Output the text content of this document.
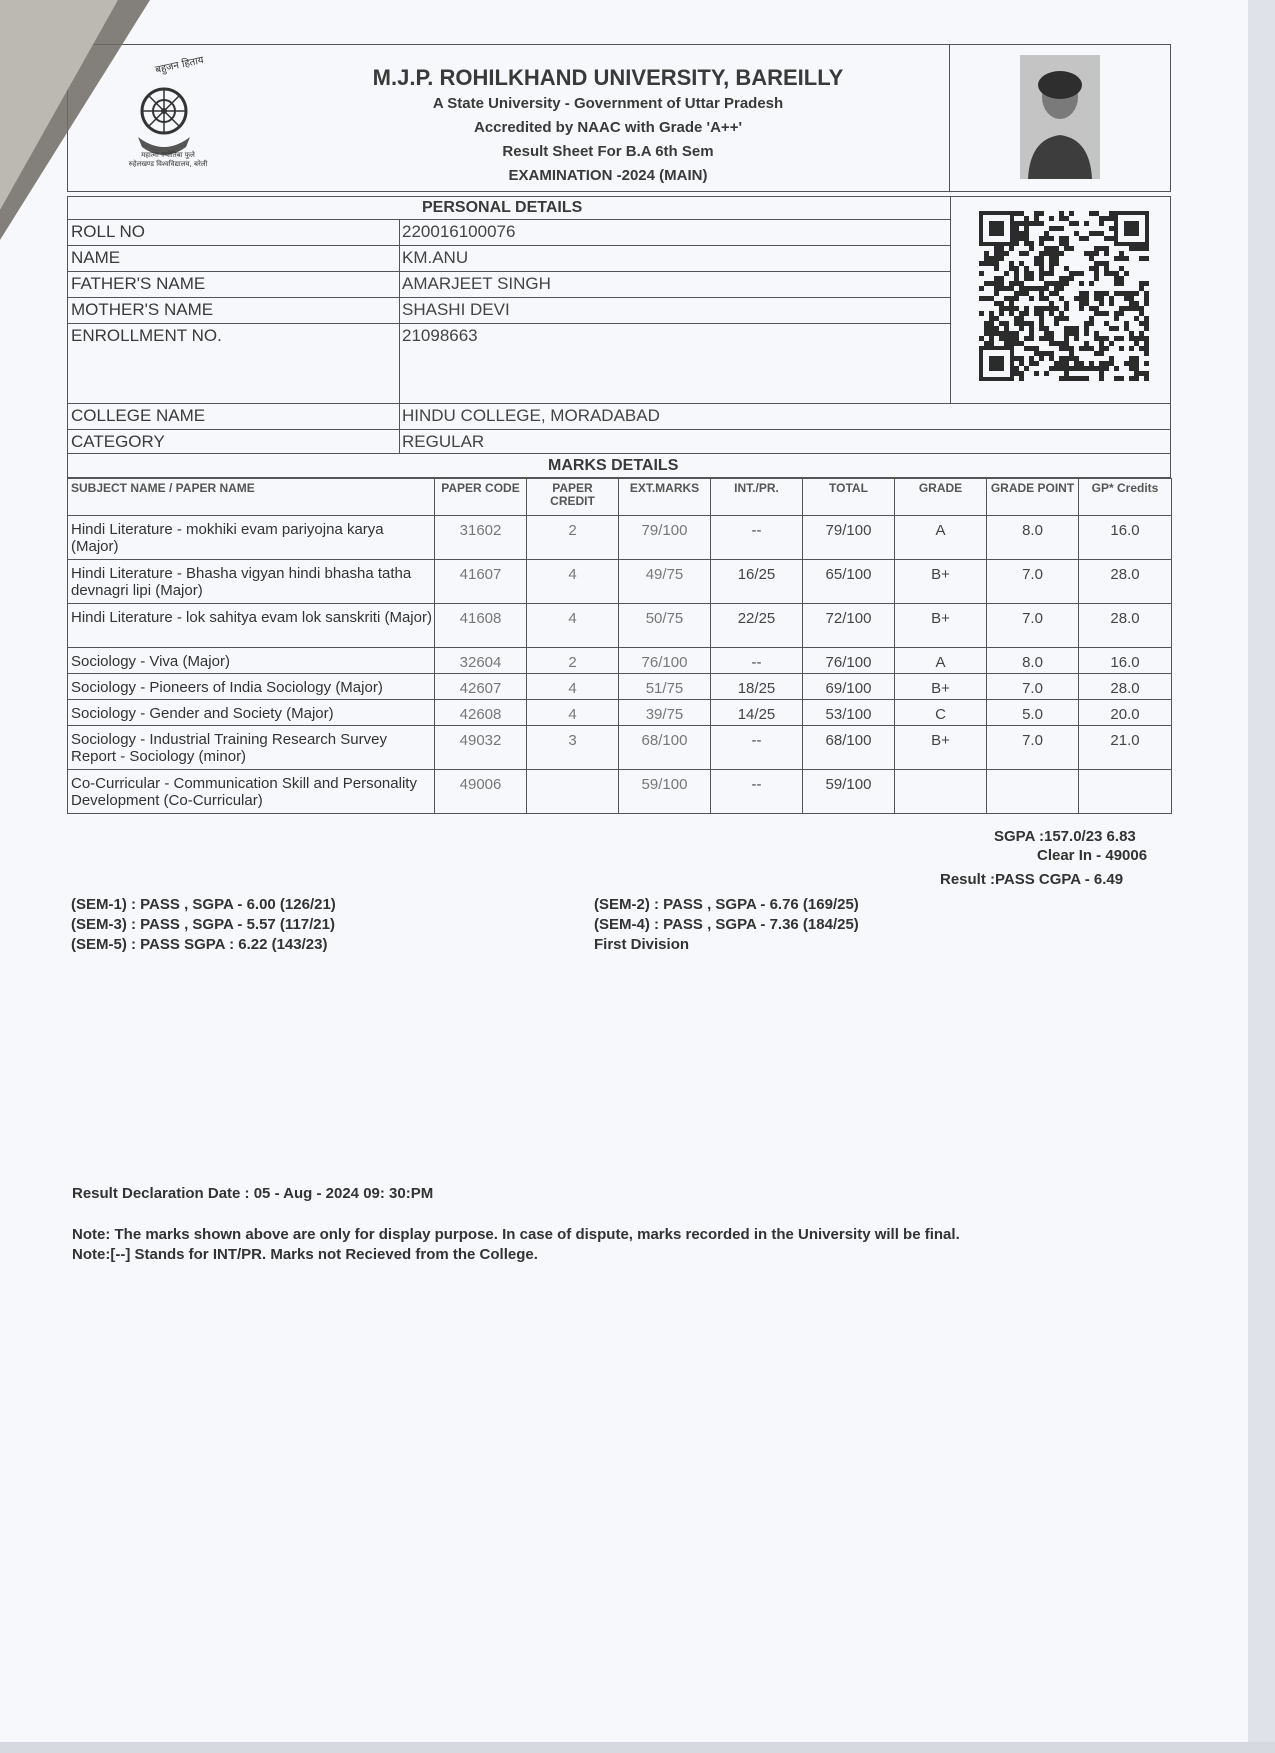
बहुजन हिताय
महात्मा ज्योतिबा फुले
रुहेलखण्ड विश्वविद्यालय, बरेली
M.J.P. ROHILKHAND UNIVERSITY, BAREILLY
A State University - Government of Uttar Pradesh
Accredited by NAAC with Grade 'A++'
Result Sheet For B.A 6th Sem
EXAMINATION -2024 (MAIN)
PERSONAL DETAILS
ROLL NO	220016100076
NAME	KM.ANU
FATHER'S NAME	AMARJEET SINGH
MOTHER'S NAME	SHASHI DEVI
ENROLLMENT NO.	21098663
COLLEGE NAME	HINDU COLLEGE, MORADABAD
CATEGORY	REGULAR
MARKS DETAILS
SUBJECT NAME / PAPER NAME	PAPER CODE	PAPER CREDIT	EXT.MARKS	INT./PR.	TOTAL	GRADE	GRADE POINT	GP* Credits
Hindi Literature - mokhiki evam pariyojna karya (Major)	31602	2	79/100	--	79/100	A	8.0	16.0
Hindi Literature - Bhasha vigyan hindi bhasha tatha devnagri lipi (Major)	41607	4	49/75	16/25	65/100	B+	7.0	28.0
Hindi Literature - lok sahitya evam lok sanskriti (Major)	41608	4	50/75	22/25	72/100	B+	7.0	28.0
Sociology - Viva (Major)	32604	2	76/100	--	76/100	A	8.0	16.0
Sociology - Pioneers of India Sociology (Major)	42607	4	51/75	18/25	69/100	B+	7.0	28.0
Sociology - Gender and Society (Major)	42608	4	39/75	14/25	53/100	C	5.0	20.0
Sociology - Industrial Training Research Survey Report - Sociology (minor)	49032	3	68/100	--	68/100	B+	7.0	21.0
Co-Curricular - Communication Skill and Personality Development (Co-Curricular)	49006		59/100	--	59/100			
SGPA :157.0/23 6.83
Clear In - 49006
Result :PASS CGPA - 6.49
(SEM-1) : PASS , SGPA - 6.00 (126/21)
(SEM-3) : PASS , SGPA - 5.57 (117/21)
(SEM-5) : PASS SGPA : 6.22 (143/23)
(SEM-2) : PASS , SGPA - 6.76 (169/25)
(SEM-4) : PASS , SGPA - 7.36 (184/25)
First Division
Result Declaration Date : 05 - Aug - 2024 09: 30:PM
Note: The marks shown above are only for display purpose. In case of dispute, marks recorded in the University will be final.
Note:[--] Stands for INT/PR. Marks not Recieved from the College.
